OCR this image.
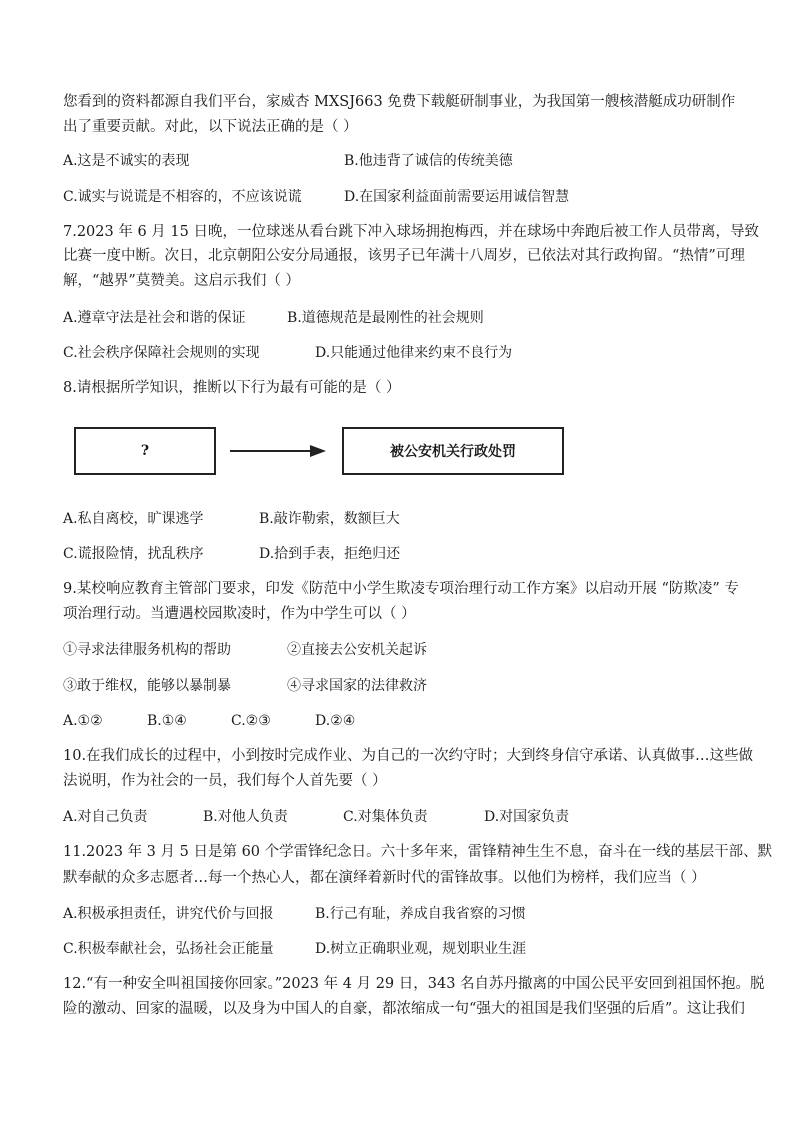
您看到的资料都源自我们平台，家威杏 MXSJ663 免费下载艇研制事业，为我国第一艘核潜艇成功研制作
出了重要贡献。对此，以下说法正确的是（ ）
A.这是不诚实的表现	B.他违背了诚信的传统美德
C.诚实与说谎是不相容的，不应该说谎	D.在国家利益面前需要运用诚信智慧
7.2023 年 6 月 15 日晚，一位球迷从看台跳下冲入球场拥抱梅西，并在球场中奔跑后被工作人员带离，导致
比赛一度中断。次日，北京朝阳公安分局通报，该男子已年满十八周岁，已依法对其行政拘留。“热情”可理
解，“越界”莫赞美。这启示我们（ ）
A.遵章守法是社会和谐的保证	B.道德规范是最刚性的社会规则
C.社会秩序保障社会规则的实现	D.只能通过他律来约束不良行为
8.请根据所学知识，推断以下行为最有可能的是（ ）
?	被公安机关行政处罚
A.私自离校，旷课逃学	B.敲诈勒索，数额巨大
C.谎报险情，扰乱秩序	D.拾到手表，拒绝归还
9.某校响应教育主管部门要求，印发《防范中小学生欺凌专项治理行动工作方案》以启动开展 “防欺凌” 专
项治理行动。当遭遇校园欺凌时，作为中学生可以（ ）
①寻求法律服务机构的帮助	②直接去公安机关起诉
③敢于维权，能够以暴制暴	④寻求国家的法律救济
A.①②	B.①④	C.②③	D.②④
10.在我们成长的过程中，小到按时完成作业、为自己的一次约守时；大到终身信守承诺、认真做事…这些做
法说明，作为社会的一员，我们每个人首先要（ ）
A.对自己负责	B.对他人负责	C.对集体负责	D.对国家负责
11.2023 年 3 月 5 日是第 60 个学雷锋纪念日。六十多年来，雷锋精神生生不息，奋斗在一线的基层干部、默
默奉献的众多志愿者…每一个热心人，都在演绎着新时代的雷锋故事。以他们为榜样，我们应当（ ）
A.积极承担责任，讲究代价与回报	B.行己有耻，养成自我省察的习惯
C.积极奉献社会，弘扬社会正能量	D.树立正确职业观，规划职业生涯
12.“有一种安全叫祖国接你回家。”2023 年 4 月 29 日，343 名自苏丹撤离的中国公民平安回到祖国怀抱。脱
险的激动、回家的温暖，以及身为中国人的自豪，都浓缩成一句“强大的祖国是我们坚强的后盾”。这让我们
